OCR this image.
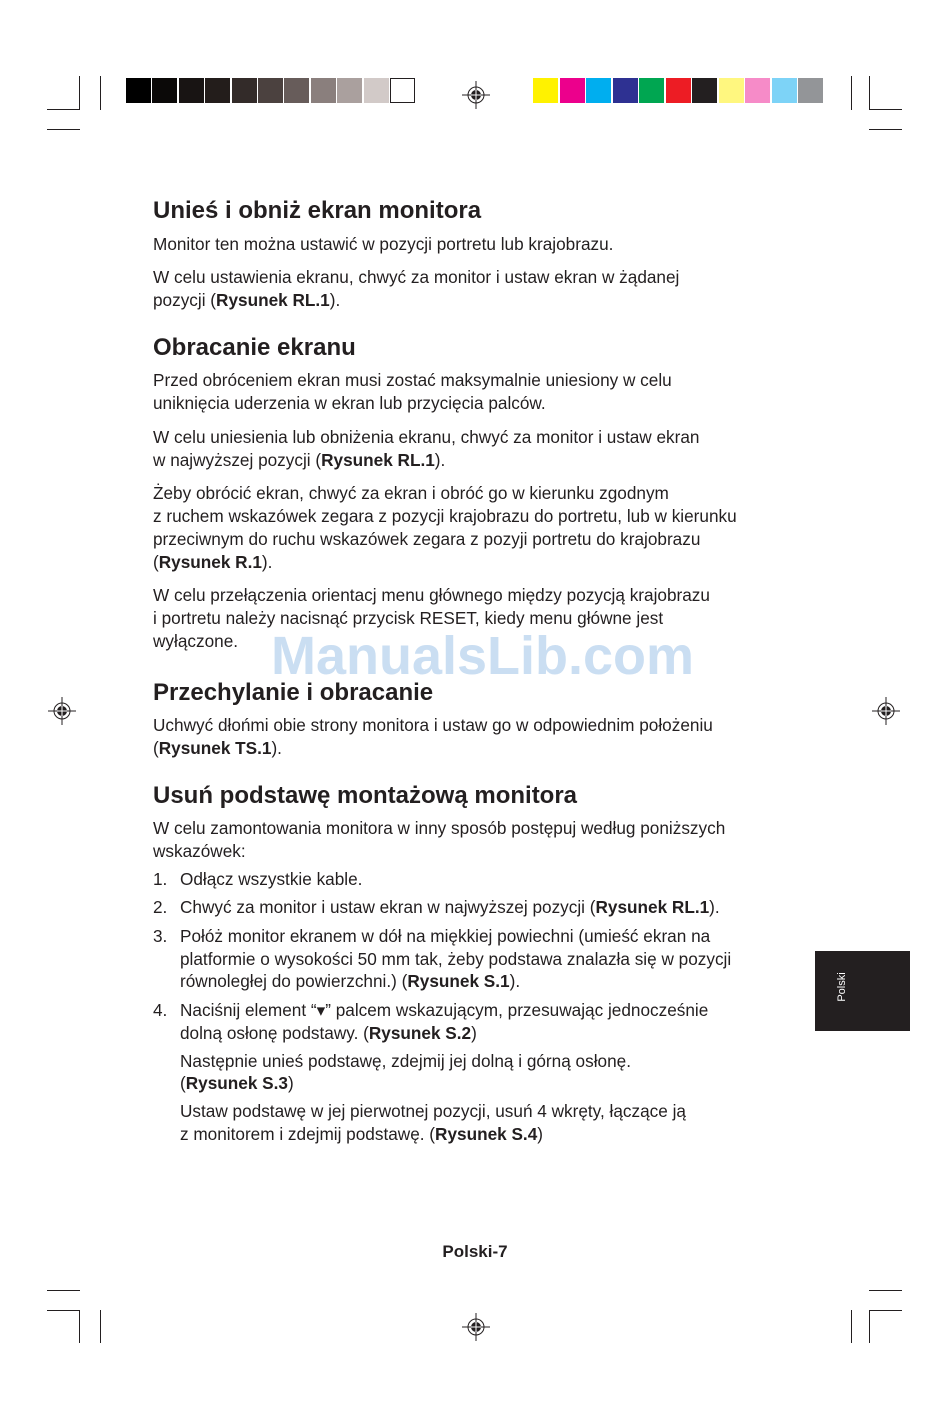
Unieś i obniż ekran monitora
Obracanie ekranu
Przechylanie i obracanie
Usuń podstawę montażową monitora
Monitor ten można ustawić w pozycji portretu lub krajobrazu.
W celu ustawienia ekranu, chwyć za monitor i ustaw ekran w żądanej
pozycji (Rysunek RL.1).
Przed obróceniem ekran musi zostać maksymalnie uniesiony w celu
uniknięcia uderzenia w ekran lub przycięcia palców.
W celu uniesienia lub obniżenia ekranu, chwyć za monitor i ustaw ekran
w najwyższej pozycji (Rysunek RL.1).
Żeby obrócić ekran, chwyć za ekran i obróć go w kierunku zgodnym
z ruchem wskazówek zegara z pozycji krajobrazu do portretu, lub w kierunku
przeciwnym do ruchu wskazówek zegara z pozyji portretu do krajobrazu
(Rysunek R.1).
W celu przełączenia orientacj menu głównego między pozycją krajobrazu
i portretu należy nacisnąć przycisk RESET, kiedy menu główne jest
wyłączone.
Uchwyć dłońmi obie strony monitora i ustaw go w odpowiednim położeniu
(Rysunek TS.1).
W celu zamontowania monitora w inny sposób postępuj według poniższych
wskazówek:
Odłącz wszystkie kable.
Chwyć za monitor i ustaw ekran w najwyższej pozycji (Rysunek RL.1).
Połóż monitor ekranem w dół na miękkiej powiechni (umieść ekran na
platformie o wysokości 50 mm tak, żeby podstawa znalazła się w pozycji
równoległej do powierzchni.) (Rysunek S.1).
Naciśnij element “▾” palcem wskazującym, przesuwając jednocześnie
dolną osłonę podstawy. (Rysunek S.2)
Następnie unieś podstawę, zdejmij jej dolną i górną osłonę.
(Rysunek S.3)
Ustaw podstawę w jej pierwotnej pozycji, usuń 4 wkręty, łączące ją
z monitorem i zdejmij podstawę. (Rysunek S.4)
1.
2.
3.
4.
ManualsLib.com
Polski
Polski-7
